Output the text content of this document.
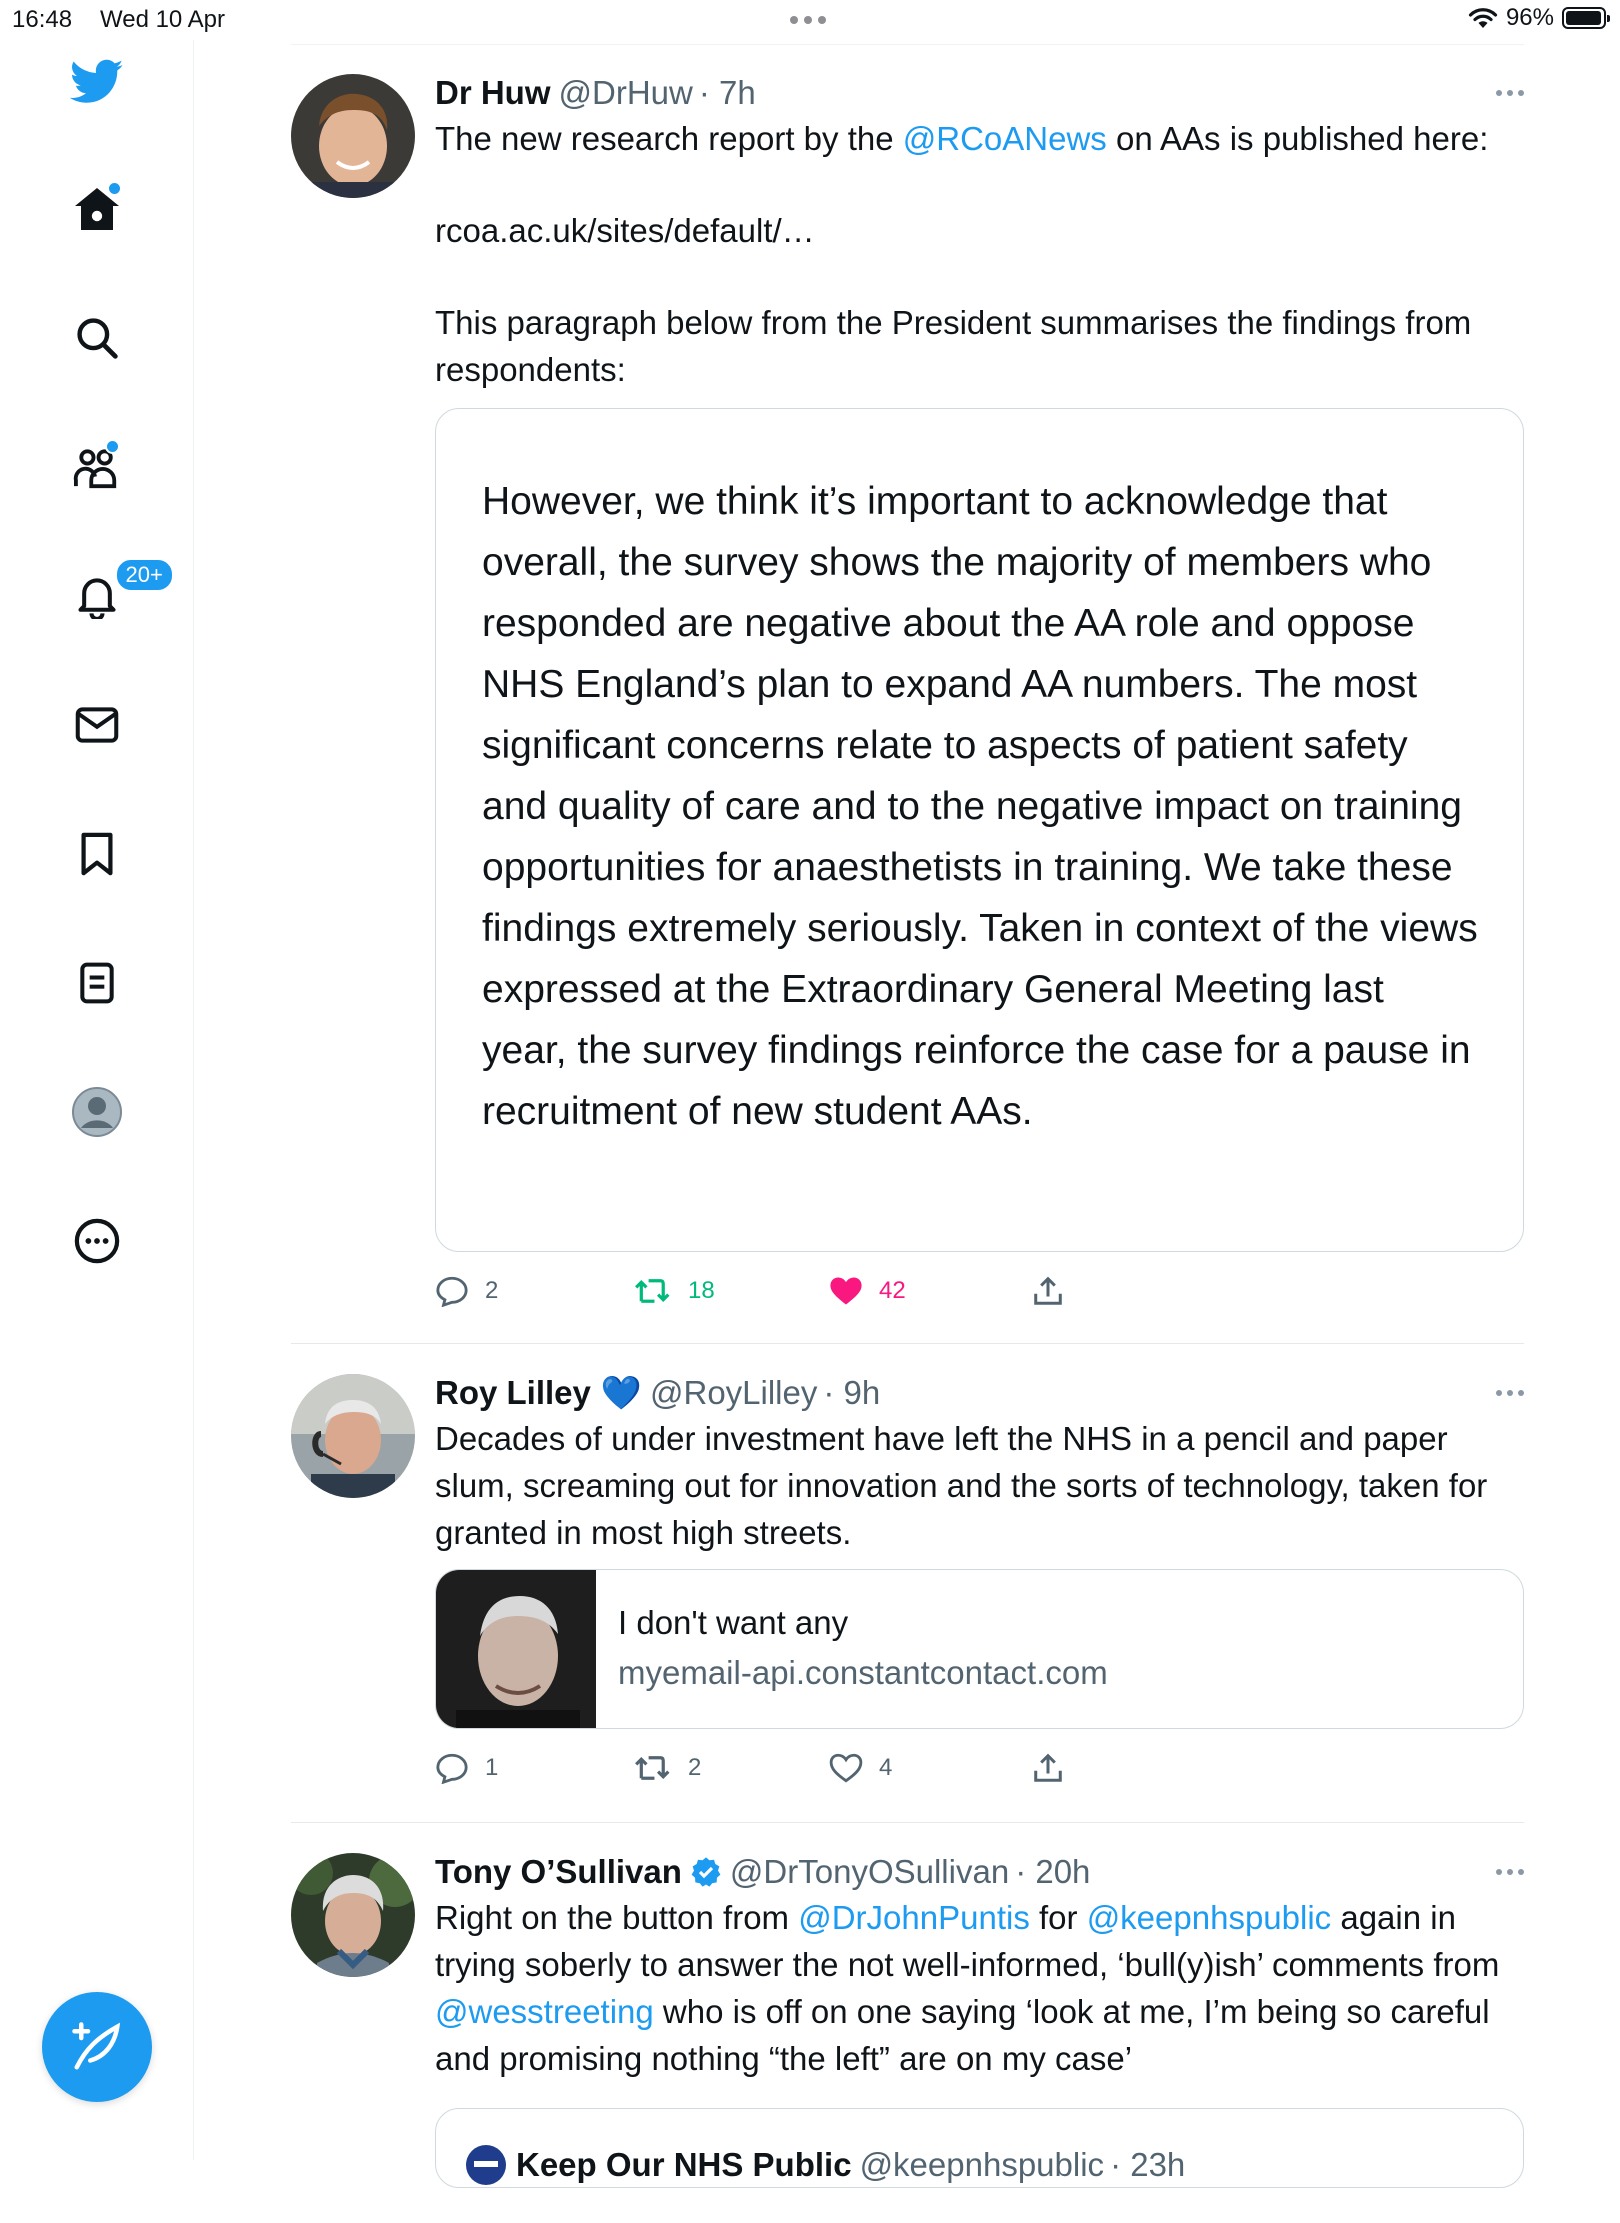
16:48 Wed 10 Apr	96%
20+
Dr Huw @DrHuw · 7h
The new research report by the @RCoANews on AAs is published here:
rcoa.ac.uk/sites/default/…
This paragraph below from the President summarises the findings from respondents:
However, we think it’s important to acknowledge that overall, the survey shows the majority of members who responded are negative about the AA role and oppose NHS England’s plan to expand AA numbers. The most significant concerns relate to aspects of patient safety and quality of care and to the negative impact on training opportunities for anaesthetists in training. We take these findings extremely seriously. Taken in context of the views expressed at the Extraordinary General Meeting last year, the survey findings reinforce the case for a pause in recruitment of new student AAs.
2	18	42
Roy Lilley 💙 @RoyLilley · 9h
Decades of under investment have left the NHS in a pencil and paper slum, screaming out for innovation and the sorts of technology, taken for granted in most high streets.
I don't want any
myemail-api.constantcontact.com
1	2	4
Tony O’Sullivan @DrTonyOSullivan · 20h
Right on the button from @DrJohnPuntis for @keepnhspublic again in trying soberly to answer the not well-informed, ‘bull(y)ish’ comments from @wesstreeting who is off on one saying ‘look at me, I’m being so careful and promising nothing “the left” are on my case’
Keep Our NHS Public @keepnhspublic · 23h
